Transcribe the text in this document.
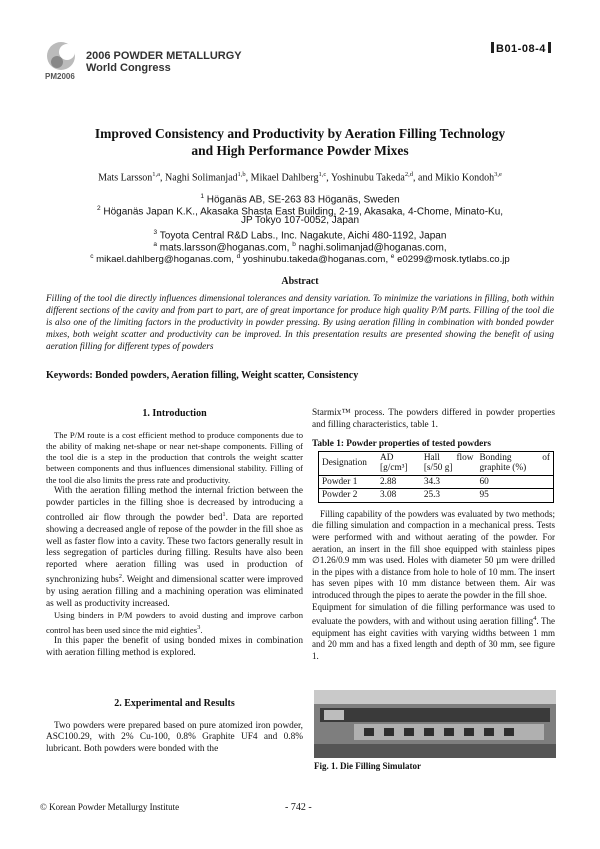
PM2006
2006 POWDER METALLURGY
World Congress
B01-08-4
Improved Consistency and Productivity by Aeration Filling Technology
and High Performance Powder Mixes
Mats Larsson$^{1,a}$, Naghi Solimanjad$^{1,b}$, Mikael Dahlberg$^{1,c}$, Yoshinubu Takeda$^{2,d}$, and Mikio Kondoh$^{3,e}$
$^1$ Höganäs AB, SE-263 83 Höganäs, Sweden
$^2$ Höganäs Japan K.K., Akasaka Shasta East Building, 2-19, Akasaka, 4-Chome, Minato-Ku,
JP Tokyo 107-0052, Japan
$^3$ Toyota Central R&D Labs., Inc. Nagakute, Aichi 480-1192, Japan
$^a$ mats.larsson@hoganas.com, $^b$ naghi.solimanjad@hoganas.com,
$^c$ mikael.dahlberg@hoganas.com, $^d$ yoshinubu.takeda@hoganas.com, $^e$ e0299@mosk.tytlabs.co.jp
Abstract
Filling of the tool die directly influences dimensional tolerances and density variation. To minimize the variations in filling, both within different sections of the cavity and from part to part, are of great importance for produce high quality P/M parts. Filling of the tool die is also one of the limiting factors in the productivity in powder pressing. By using aeration filling in combination with bonded powder mixes, both weight scatter and productivity can be improved. In this presentation results are presented showing the benefit of using aeration filling for different types of powders
Keywords: Bonded powders, Aeration filling, Weight scatter, Consistency
1. Introduction

The P/M route is a cost efficient method to produce components due to the ability of making net-shape or near net-shape components. Filling of the tool die is a step in the production that controls the weight scatter between components and thus influences dimensional stability. Filling of the tool die also limits the press rate and productivity.

With the aeration filling method the internal friction between the powder particles in the filling shoe is decreased by introducing a controlled air flow through the powder bed$^1$. Data are reported showing a decreased angle of repose of the powder in the fill shoe as well as faster flow into a cavity. These two factors generally result in less segregation of particles during filling. Results have also been reported where aeration filling was used in production of synchronizing hubs$^2$. Weight and dimensional scatter were improved by using aeration filling and a machining operation was eliminated as well as productivity increased.

Using binders in P/M powders to avoid dusting and improve carbon control has been used since the mid eighties$^3$.

In this paper the benefit of using bonded mixes in combination with aeration filling method is explored.

2. Experimental and Results

Two powders were prepared based on pure atomized iron powder, ASC100.29, with 2% Cu-100, 0.8% Graphite UF4 and 0.8% lubricant. Both powders were bonded with the

Starmix™ process. The powders differed in powder properties and filling characteristics, table 1.

Table 1: Powder properties of tested powders
Designation	AD [g/cm³]	Hall flow [s/50 g]	Bonding of graphite (%)
Powder 1	2.88	34.3	60
Powder 2	3.08	25.3	95

Filling capability of the powders was evaluated by two methods; die filling simulation and compaction in a mechanical press. Tests were performed with and without aerating of the powder. For aeration, an insert in the fill shoe equipped with stainless pipes ∅1.26/0.9 mm was used. Holes with diameter 50 µm were drilled in the pipes with a distance from hole to hole of 10 mm. The insert has seven pipes with 10 mm distance between them. Air was introduced through the pipes to aerate the powder in the fill shoe.

Equipment for simulation of die filling performance was used to evaluate the powders, with and without using aeration filling$^4$. The equipment has eight cavities with varying widths between 1 mm and 20 mm and has a fixed length and depth of 30 mm, see figure 1.

Fig. 1. Die Filling Simulator
© Korean Powder Metallurgy Institute	- 742 -
